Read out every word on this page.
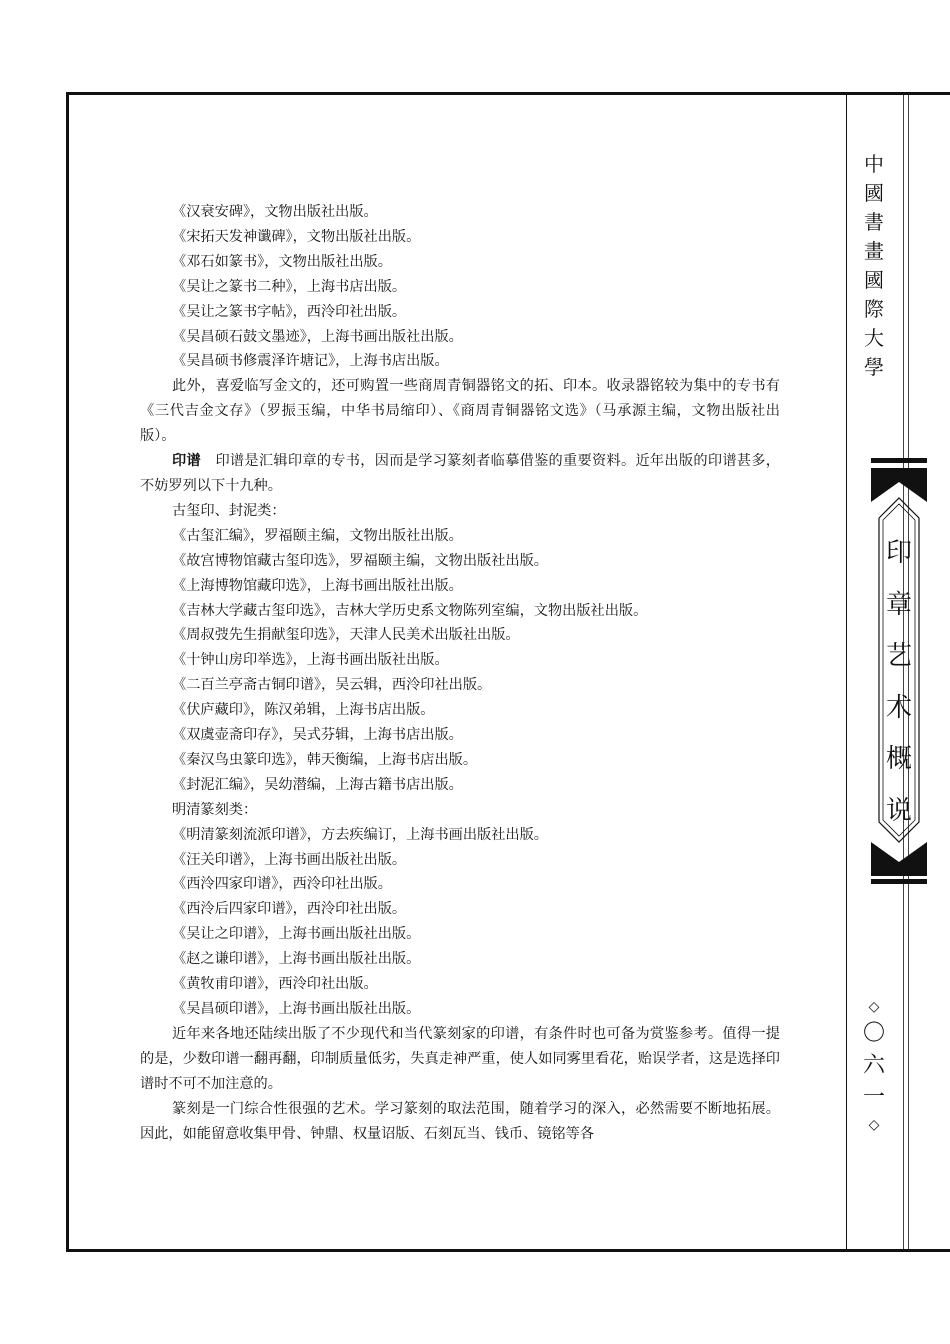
《汉衰安碑》，文物出版社出版。

《宋拓天发神谶碑》，文物出版社出版。

《邓石如篆书》，文物出版社出版。

《吴让之篆书二种》，上海书店出版。

《吴让之篆书字帖》，西泠印社出版。

《吴昌硕石鼓文墨迹》，上海书画出版社出版。

《吴昌硕书修震泽许塘记》，上海书店出版。

此外，喜爱临写金文的，还可购置一些商周青铜器铭文的拓、印本。收录器铭较为集中的专书有《三代吉金文存》（罗振玉编，中华书局缩印）、《商周青铜器铭文选》（马承源主编，文物出版社出版）。

印谱　印谱是汇辑印章的专书，因而是学习篆刻者临摹借鉴的重要资料。近年出版的印谱甚多，不妨罗列以下十九种。

古玺印、封泥类：

《古玺汇编》，罗福颐主编，文物出版社出版。

《故宫博物馆藏古玺印选》，罗福颐主编，文物出版社出版。

《上海博物馆藏印选》，上海书画出版社出版。

《吉林大学藏古玺印选》，吉林大学历史系文物陈列室编，文物出版社出版。

《周叔弢先生捐献玺印选》，天津人民美术出版社出版。

《十钟山房印举选》，上海书画出版社出版。

《二百兰亭斋古铜印谱》，吴云辑，西泠印社出版。

《伏庐藏印》，陈汉弟辑，上海书店出版。

《双虞壶斋印存》，吴式芬辑，上海书店出版。

《秦汉鸟虫篆印选》，韩天衡编，上海书店出版。

《封泥汇编》，吴幼潜编，上海古籍书店出版。

明清篆刻类：

《明清篆刻流派印谱》，方去疾编订，上海书画出版社出版。

《汪关印谱》，上海书画出版社出版。

《西泠四家印谱》，西泠印社出版。

《西泠后四家印谱》，西泠印社出版。

《吴让之印谱》，上海书画出版社出版。

《赵之谦印谱》，上海书画出版社出版。

《黄牧甫印谱》，西泠印社出版。

《吴昌硕印谱》，上海书画出版社出版。

近年来各地还陆续出版了不少现代和当代篆刻家的印谱，有条件时也可备为赏鉴参考。值得一提的是，少数印谱一翻再翻，印制质量低劣，失真走神严重，使人如同雾里看花，贻误学者，这是选择印谱时不可不加注意的。

篆刻是一门综合性很强的艺术。学习篆刻的取法范围，随着学习的深入，必然需要不断地拓展。因此，如能留意收集甲骨、钟鼎、权量诏版、石刻瓦当、钱币、镜铭等各

中
國
書
畫
國
際
大
學
印
章
艺
术
概
说
◇
〇
六
一
◇
